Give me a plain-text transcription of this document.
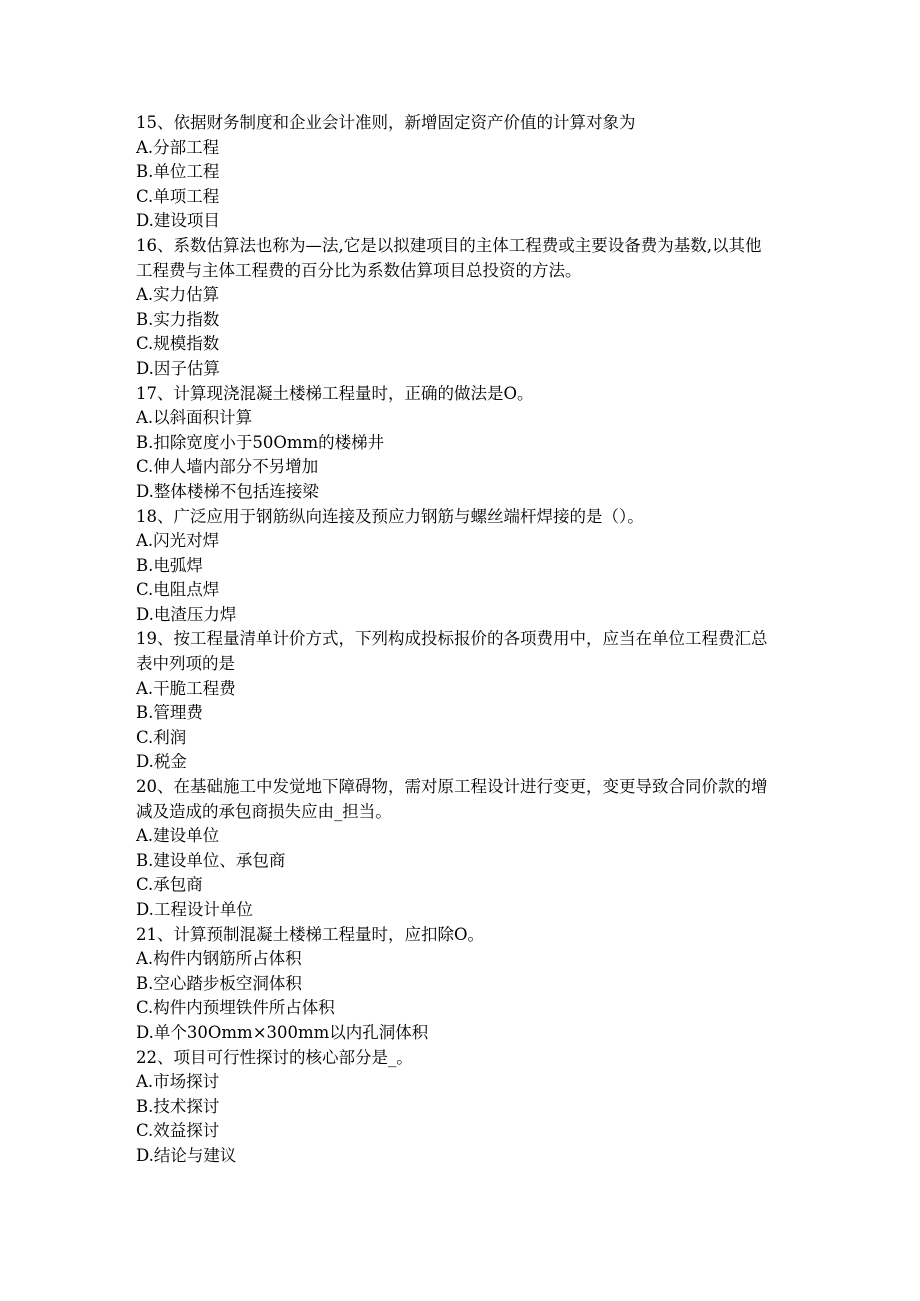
15、依据财务制度和企业会计准则，新增固定资产价值的计算对象为
A.分部工程
B.单位工程
C.单项工程
D.建设项目
16、系数估算法也称为—法,它是以拟建项目的主体工程费或主要设备费为基数,以其他工程费与主体工程费的百分比为系数估算项目总投资的方法。
A.实力估算
B.实力指数
C.规模指数
D.因子估算
17、计算现浇混凝土楼梯工程量时，正确的做法是O。
A.以斜面积计算
B.扣除宽度小于50Omm的楼梯井
C.伸人墙内部分不另增加
D.整体楼梯不包括连接梁
18、广泛应用于钢筋纵向连接及预应力钢筋与螺丝端杆焊接的是（）。
A.闪光对焊
B.电弧焊
C.电阻点焊
D.电渣压力焊
19、按工程量清单计价方式，下列构成投标报价的各项费用中，应当在单位工程费汇总表中列项的是
A.干脆工程费
B.管理费
C.利润
D.税金
20、在基础施工中发觉地下障碍物，需对原工程设计进行变更，变更导致合同价款的增减及造成的承包商损失应由_担当。
A.建设单位
B.建设单位、承包商
C.承包商
D.工程设计单位
21、计算预制混凝土楼梯工程量时，应扣除O。
A.构件内钢筋所占体积
B.空心踏步板空洞体积
C.构件内预埋铁件所占体积
D.单个30Omm×300mm以内孔洞体积
22、项目可行性探讨的核心部分是_。
A.市场探讨
B.技术探讨
C.效益探讨
D.结论与建议
